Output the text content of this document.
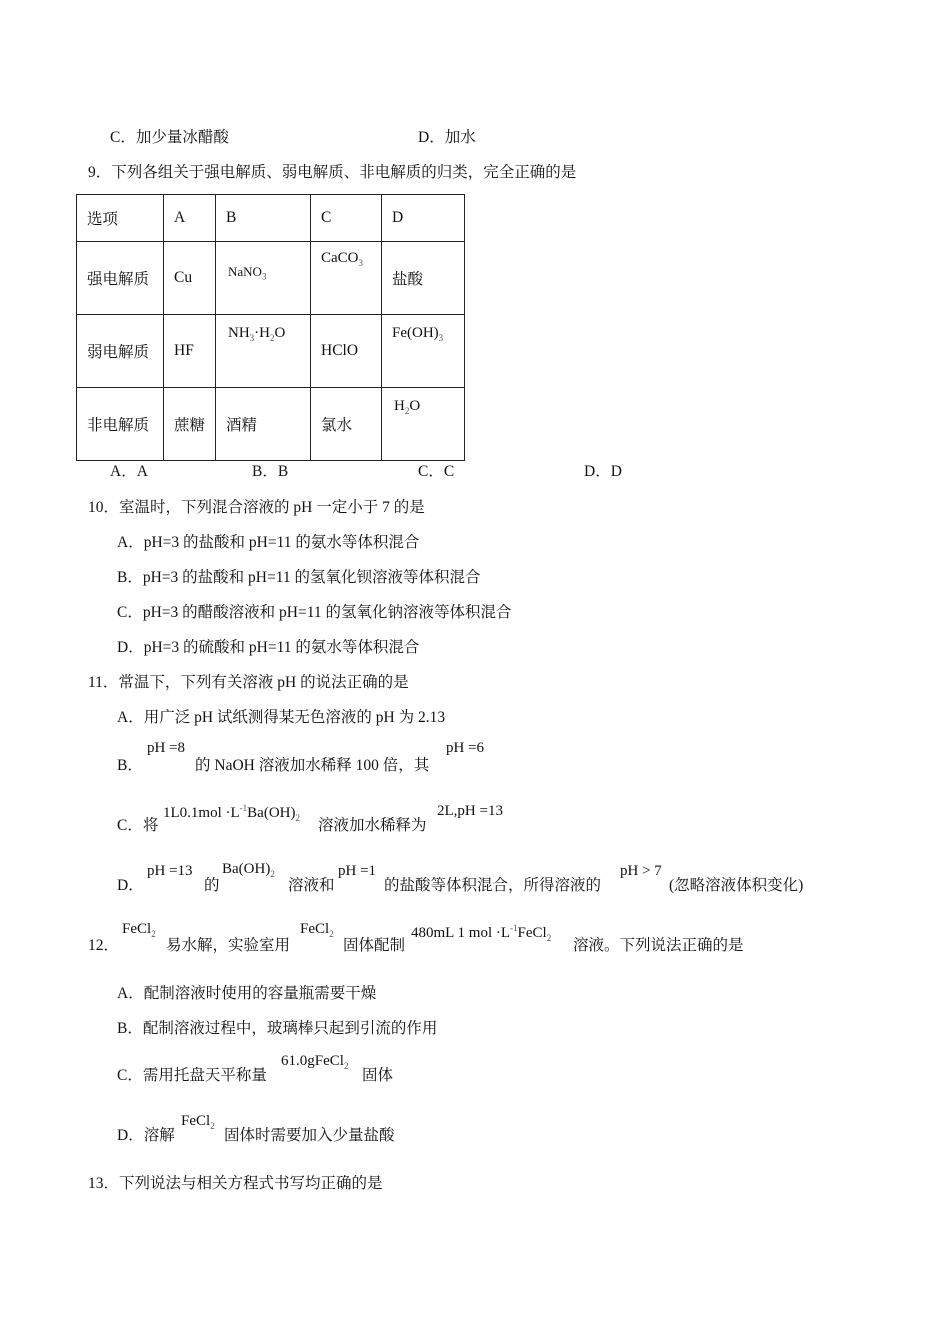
C．加少量冰醋酸	D．加水
9．下列各组关于强电解质、弱电解质、非电解质的归类，完全正确的是
选项	A	B	C	D

强电解质	Cu	NaNO$_3$	CaCO$_3$	盐酸

弱电解质	HF	$NH_3\cdot H_2O$	HClO	$Fe(OH)_3$

非电解质	蔗糖	酒精	氯水	$H_2O$
A．A	B．B	C．C	D．D
10．室温时，下列混合溶液的 pH 一定小于 7 的是
A．pH=3 的盐酸和 pH=11 的氨水等体积混合
B．pH=3 的盐酸和 pH=11 的氢氧化钡溶液等体积混合
C．pH=3 的醋酸溶液和 pH=11 的氢氧化钠溶液等体积混合
D．pH=3 的硫酸和 pH=11 的氨水等体积混合
11．常温下，下列有关溶液 pH 的说法正确的是
A．用广泛 pH 试纸测得某无色溶液的 pH 为 2.13
B．
pH =8
的 NaOH 溶液加水稀释 100 倍，其
pH =6
C．将
$1L0.1mol \cdot L^{-1}Ba(OH)_2$ 溶液加水稀释为
2L,pH =13
D．
pH =13
的
$Ba(OH)_2$
溶液和
pH =1
的盐酸等体积混合，所得溶液的
pH > 7
(忽略溶液体积变化)
12．
FeCl$_2$
易水解，实验室用
FeCl$_2$
固体配制
480mL 1 mol $\cdot L^{-1}FeCl_2$ 溶液。下列说法正确的是
A．配制溶液时使用的容量瓶需要干燥
B．配制溶液过程中，玻璃棒只起到引流的作用
C．需用托盘天平称量
61.0gFeCl$_2$
固体
D．溶解
FeCl$_2$
固体时需要加入少量盐酸
13．下列说法与相关方程式书写均正确的是
